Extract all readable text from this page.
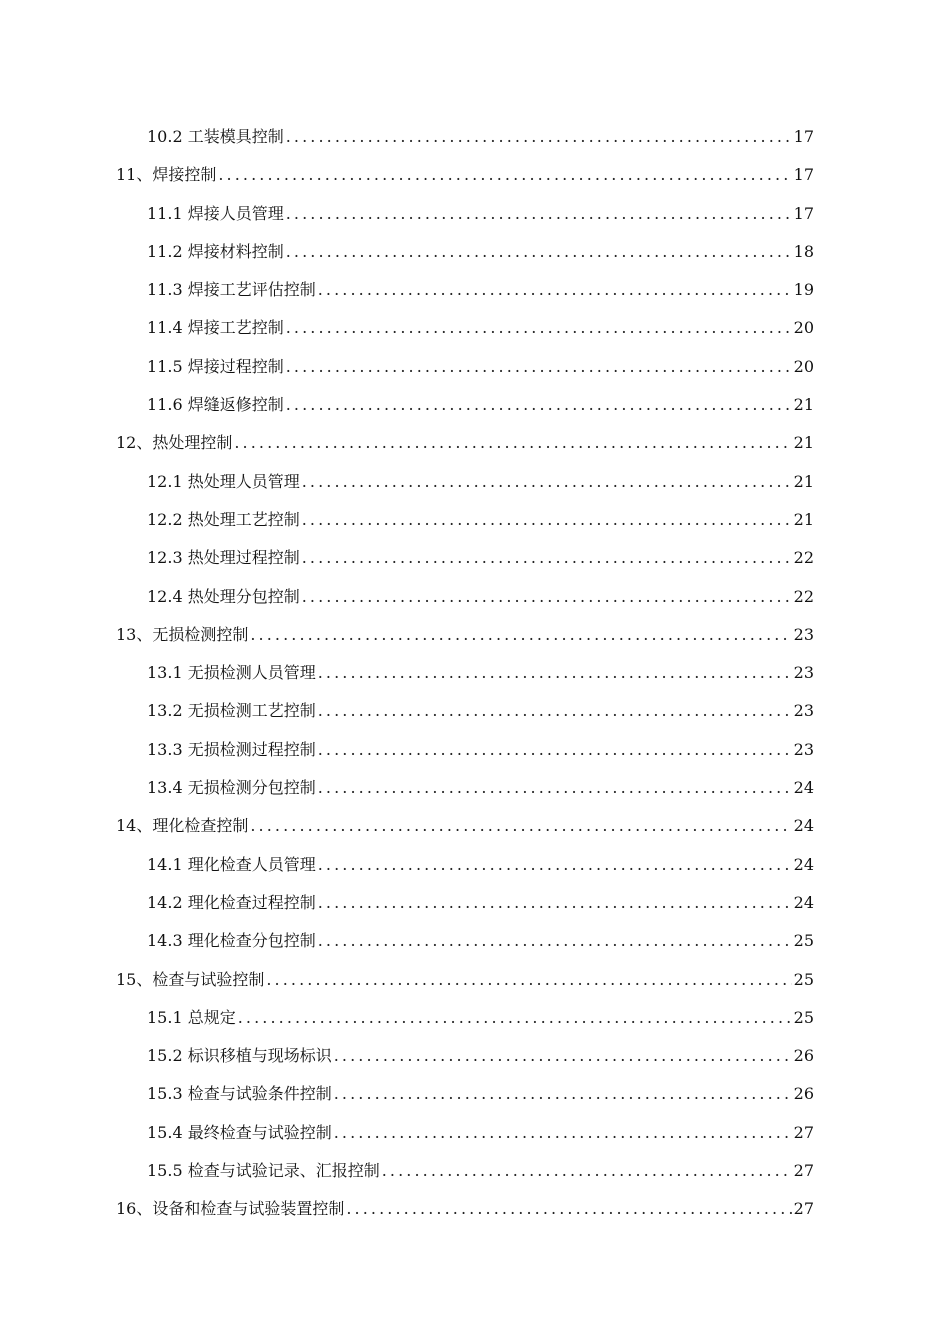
10.2 工装模具控制 .....	17
11、焊接控制 .....	17
11.1 焊接人员管理 .....	17
11.2 焊接材料控制 .....	18
11.3 焊接工艺评估控制 .....	19
11.4 焊接工艺控制 .....	20
11.5 焊接过程控制 .....	20
11.6 焊缝返修控制 .....	21
12、热处理控制 .....	21
12.1 热处理人员管理 .....	21
12.2 热处理工艺控制 .....	21
12.3 热处理过程控制 .....	22
12.4 热处理分包控制 .....	22
13、无损检测控制 .....	23
13.1 无损检测人员管理 .....	23
13.2 无损检测工艺控制 .....	23
13.3 无损检测过程控制 .....	23
13.4 无损检测分包控制 .....	24
14、理化检查控制 .....	24
14.1 理化检查人员管理 .....	24
14.2 理化检查过程控制 .....	24
14.3 理化检查分包控制 .....	25
15、检查与试验控制 .....	25
15.1 总规定 .....	25
15.2 标识移植与现场标识 .....	26
15.3 检查与试验条件控制 .....	26
15.4 最终检查与试验控制 .....	27
15.5 检查与试验记录、汇报控制 .....	27
16、设备和检查与试验装置控制 .....	27
